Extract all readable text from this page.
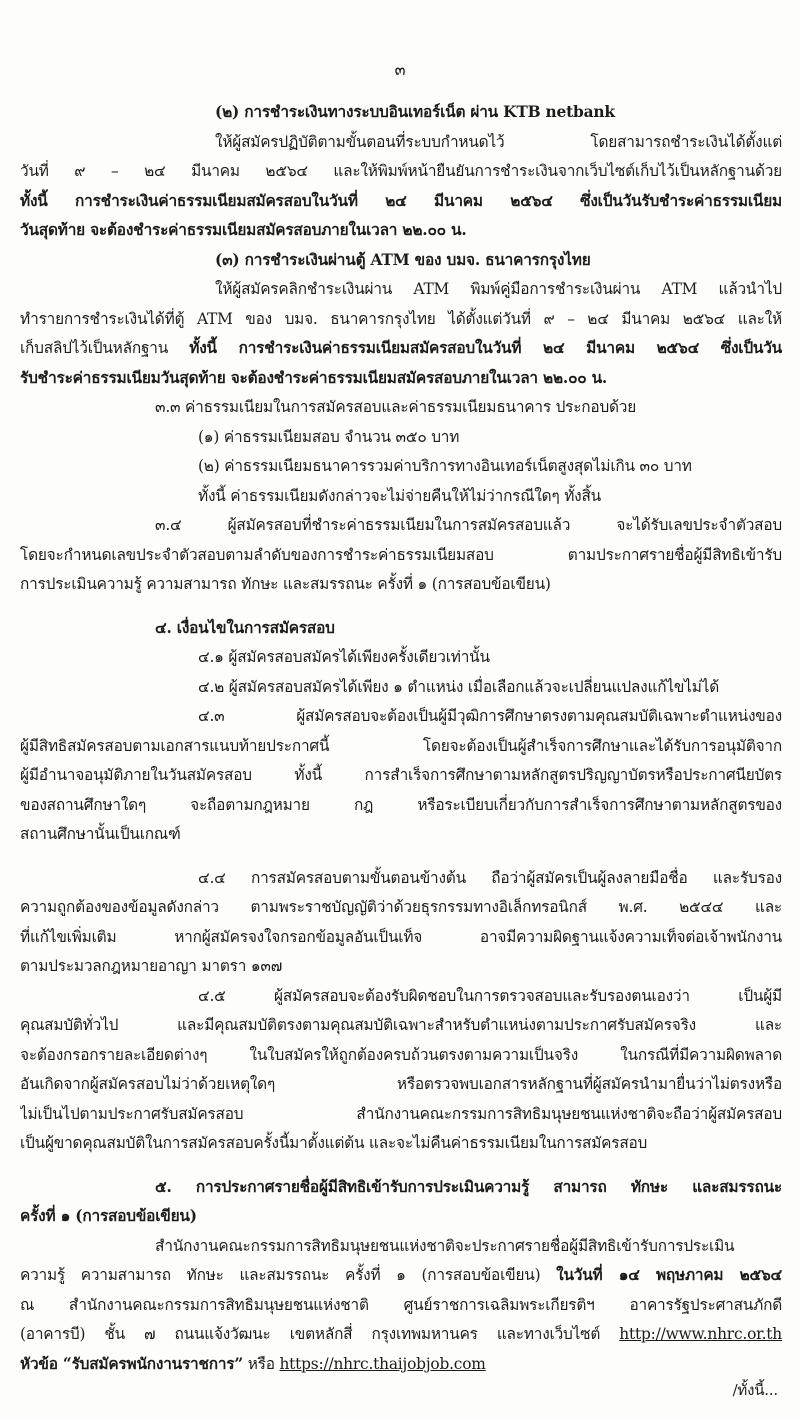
๓
(๒) การชำระเงินทางระบบอินเทอร์เน็ต ผ่าน KTB netbank
ให้ผู้สมัครปฏิบัติตามขั้นตอนที่ระบบกำหนดไว้ โดยสามารถชำระเงินได้ตั้งแต่
วันที่ ๙ – ๒๔ มีนาคม ๒๕๖๔ และให้พิมพ์หน้ายืนยันการชำระเงินจากเว็บไซต์เก็บไว้เป็นหลักฐานด้วย
ทั้งนี้ การชำระเงินค่าธรรมเนียมสมัครสอบในวันที่ ๒๔ มีนาคม ๒๕๖๔ ซึ่งเป็นวันรับชำระค่าธรรมเนียม
วันสุดท้าย จะต้องชำระค่าธรรมเนียมสมัครสอบภายในเวลา ๒๒.๐๐ น.
(๓) การชำระเงินผ่านตู้ ATM ของ บมจ. ธนาคารกรุงไทย
ให้ผู้สมัครคลิกชำระเงินผ่าน ATM พิมพ์คู่มือการชำระเงินผ่าน ATM แล้วนำไป
ทำรายการชำระเงินได้ที่ตู้ ATM ของ บมจ. ธนาคารกรุงไทย ได้ตั้งแต่วันที่ ๙ – ๒๔ มีนาคม ๒๕๖๔ และให้
เก็บสลิปไว้เป็นหลักฐาน ทั้งนี้ การชำระเงินค่าธรรมเนียมสมัครสอบในวันที่ ๒๔ มีนาคม ๒๕๖๔ ซึ่งเป็นวัน
รับชำระค่าธรรมเนียมวันสุดท้าย จะต้องชำระค่าธรรมเนียมสมัครสอบภายในเวลา ๒๒.๐๐ น.
๓.๓ ค่าธรรมเนียมในการสมัครสอบและค่าธรรมเนียมธนาคาร ประกอบด้วย
(๑) ค่าธรรมเนียมสอบ จำนวน ๓๕๐ บาท
(๒) ค่าธรรมเนียมธนาคารรวมค่าบริการทางอินเทอร์เน็ตสูงสุดไม่เกิน ๓๐ บาท
ทั้งนี้ ค่าธรรมเนียมดังกล่าวจะไม่จ่ายคืนให้ไม่ว่ากรณีใดๆ ทั้งสิ้น
๓.๔ ผู้สมัครสอบที่ชำระค่าธรรมเนียมในการสมัครสอบแล้ว จะได้รับเลขประจำตัวสอบ
โดยจะกำหนดเลขประจำตัวสอบตามลำดับของการชำระค่าธรรมเนียมสอบ ตามประกาศรายชื่อผู้มีสิทธิเข้ารับ
การประเมินความรู้ ความสามารถ ทักษะ และสมรรถนะ ครั้งที่ ๑ (การสอบข้อเขียน)
๔. เงื่อนไขในการสมัครสอบ
๔.๑ ผู้สมัครสอบสมัครได้เพียงครั้งเดียวเท่านั้น
๔.๒ ผู้สมัครสอบสมัครได้เพียง ๑ ตำแหน่ง เมื่อเลือกแล้วจะเปลี่ยนแปลงแก้ไขไม่ได้
๔.๓ ผู้สมัครสอบจะต้องเป็นผู้มีวุฒิการศึกษาตรงตามคุณสมบัติเฉพาะตำแหน่งของ
ผู้มีสิทธิสมัครสอบตามเอกสารแนบท้ายประกาศนี้ โดยจะต้องเป็นผู้สำเร็จการศึกษาและได้รับการอนุมัติจาก
ผู้มีอำนาจอนุมัติภายในวันสมัครสอบ ทั้งนี้ การสำเร็จการศึกษาตามหลักสูตรปริญญาบัตรหรือประกาศนียบัตร
ของสถานศึกษาใดๆ จะถือตามกฎหมาย กฎ หรือระเบียบเกี่ยวกับการสำเร็จการศึกษาตามหลักสูตรของ
สถานศึกษานั้นเป็นเกณฑ์
๔.๔ การสมัครสอบตามขั้นตอนข้างต้น ถือว่าผู้สมัครเป็นผู้ลงลายมือชื่อ และรับรอง
ความถูกต้องของข้อมูลดังกล่าว ตามพระราชบัญญัติว่าด้วยธุรกรรมทางอิเล็กทรอนิกส์ พ.ศ. ๒๕๔๔ และ
ที่แก้ไขเพิ่มเติม หากผู้สมัครจงใจกรอกข้อมูลอันเป็นเท็จ อาจมีความผิดฐานแจ้งความเท็จต่อเจ้าพนักงาน
ตามประมวลกฎหมายอาญา มาตรา ๑๓๗
๔.๕ ผู้สมัครสอบจะต้องรับผิดชอบในการตรวจสอบและรับรองตนเองว่า เป็นผู้มี
คุณสมบัติทั่วไป และมีคุณสมบัติตรงตามคุณสมบัติเฉพาะสำหรับตำแหน่งตามประกาศรับสมัครจริง และ
จะต้องกรอกรายละเอียดต่างๆ ในใบสมัครให้ถูกต้องครบถ้วนตรงตามความเป็นจริง ในกรณีที่มีความผิดพลาด
อันเกิดจากผู้สมัครสอบไม่ว่าด้วยเหตุใดๆ หรือตรวจพบเอกสารหลักฐานที่ผู้สมัครนำมายื่นว่าไม่ตรงหรือ
ไม่เป็นไปตามประกาศรับสมัครสอบ สำนักงานคณะกรรมการสิทธิมนุษยชนแห่งชาติจะถือว่าผู้สมัครสอบ
เป็นผู้ขาดคุณสมบัติในการสมัครสอบครั้งนี้มาตั้งแต่ต้น และจะไม่คืนค่าธรรมเนียมในการสมัครสอบ
๕. การประกาศรายชื่อผู้มีสิทธิเข้ารับการประเมินความรู้ สามารถ ทักษะ และสมรรถนะ
ครั้งที่ ๑ (การสอบข้อเขียน)
สำนักงานคณะกรรมการสิทธิมนุษยชนแห่งชาติจะประกาศรายชื่อผู้มีสิทธิเข้ารับการประเมิน
ความรู้ ความสามารถ ทักษะ และสมรรถนะ ครั้งที่ ๑ (การสอบข้อเขียน) ในวันที่ ๑๔ พฤษภาคม ๒๕๖๔
ณ สำนักงานคณะกรรมการสิทธิมนุษยชนแห่งชาติ ศูนย์ราชการเฉลิมพระเกียรติฯ อาคารรัฐประศาสนภักดี
(อาคารบี) ชั้น ๗ ถนนแจ้งวัฒนะ เขตหลักสี่ กรุงเทพมหานคร และทางเว็บไซต์ http://www.nhrc.or.th
หัวข้อ “รับสมัครพนักงานราชการ” หรือ https://nhrc.thaijobjob.com
/ทั้งนี้...
